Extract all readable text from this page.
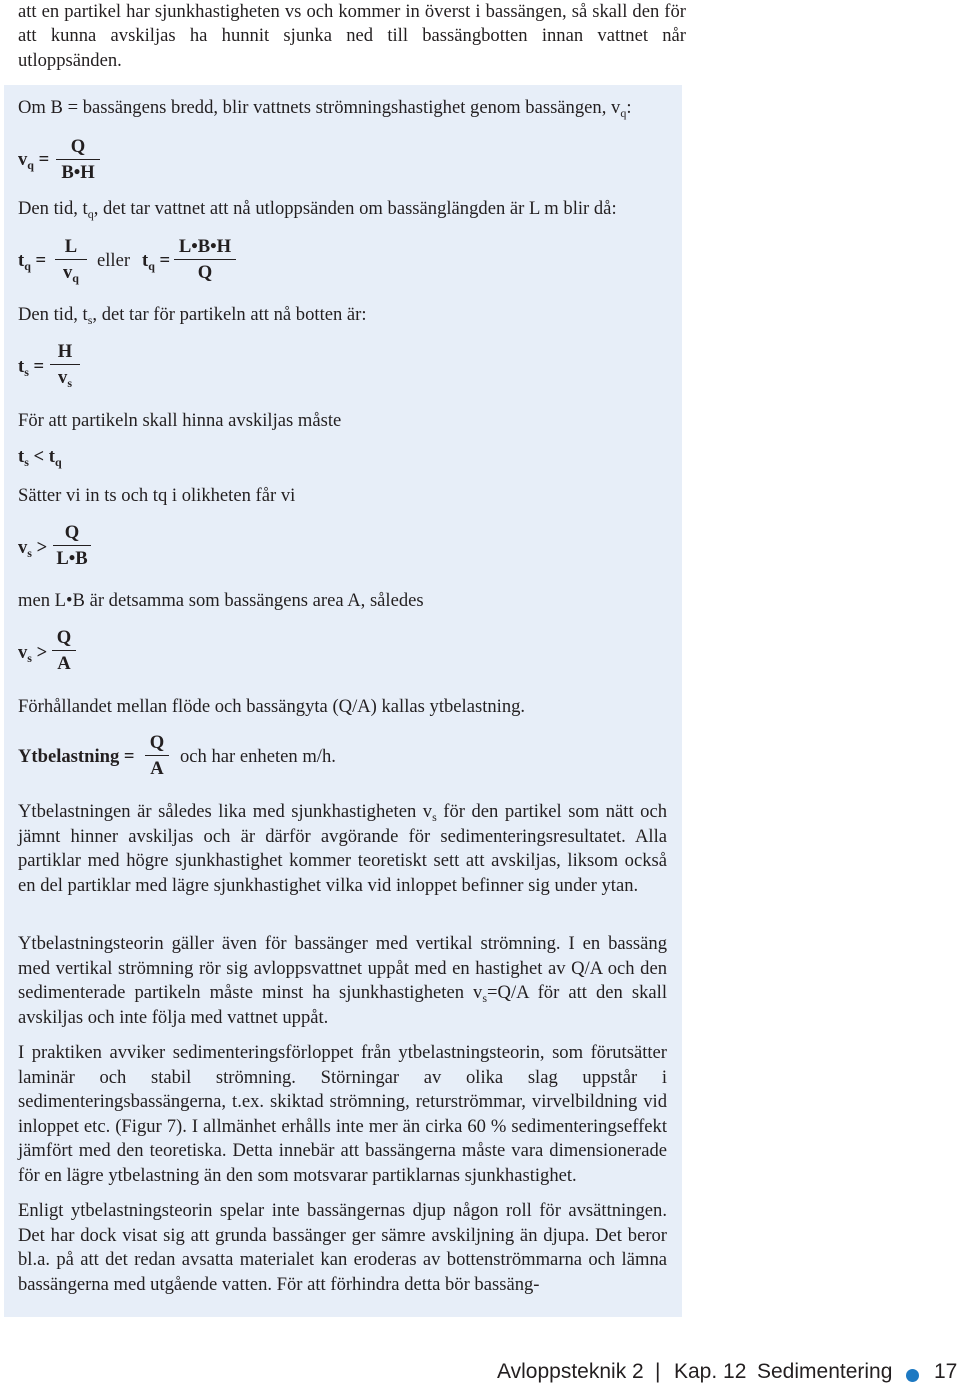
att en partikel har sjunkhastigheten vs och kommer in överst i bassängen, så skall den för att kunna avskiljas ha hunnit sjunka ned till bassängbotten innan vattnet når utloppsänden.
Om B = bassängens bredd, blir vattnets strömningshastighet genom bassängen, $v_q$:
$v_q$ =
Q
B•H
Den tid, $t_q$, det tar vattnet att nå utloppsänden om bassänglängden är L m blir då:
$t_q$ =
L
$v_q$
eller $t_q$ =
L•B•H
Q
Den tid, $t_s$, det tar för partikeln att nå botten är:
$t_s$ =
H
$v_s$
För att partikeln skall hinna avskiljas måste
$t_s < t_q$
Sätter vi in ts och tq i olikheten får vi
$v_s$ >
Q
L•B
men L•B är detsamma som bassängens area A, således
$v_s$ >
Q
A
Förhållandet mellan flöde och bassängyta (Q/A) kallas ytbelastning.
Ytbelastning =
Q
A
och har enheten m/h.
Ytbelastningen är således lika med sjunkhastigheten $v_s$ för den partikel som nätt och jämnt hinner avskiljas och är därför avgörande för sedimenteringsresultatet. Alla partiklar med högre sjunkhastighet kommer teoretiskt sett att avskiljas, liksom också en del partiklar med lägre sjunkhastighet vilka vid inloppet befinner sig under ytan.
Ytbelastningsteorin gäller även för bassänger med vertikal strömning. I en bassäng med vertikal strömning rör sig avloppsvattnet uppåt med en hastighet av Q/A och den sedimenterade partikeln måste minst ha sjunkhastigheten $v_s=Q/A$ för att den skall avskiljas och inte följa med vattnet uppåt.
I praktiken avviker sedimenteringsförloppet från ytbelastningsteorin, som förutsätter laminär och stabil strömning. Störningar av olika slag uppstår i sedimenteringsbassängerna, t.ex. skiktad strömning, returströmmar, virvelbildning vid inloppet etc. (Figur 7). I allmänhet erhålls inte mer än cirka 60 % sedimenteringseffekt jämfört med den teoretiska. Detta innebär att bassängerna måste vara dimensionerade för en lägre ytbelastning än den som motsvarar partiklarnas sjunkhastighet.
Enligt ytbelastningsteorin spelar inte bassängernas djup någon roll för avsättningen. Det har dock visat sig att grunda bassänger ger sämre avskiljning än djupa. Det beror bl.a. på att det redan avsatta materialet kan eroderas av bottenströmmarna och lämna bassängerna med utgående vatten. För att förhindra detta bör bassäng-
Avloppsteknik 2 | Kap. 12 Sedimentering 17
